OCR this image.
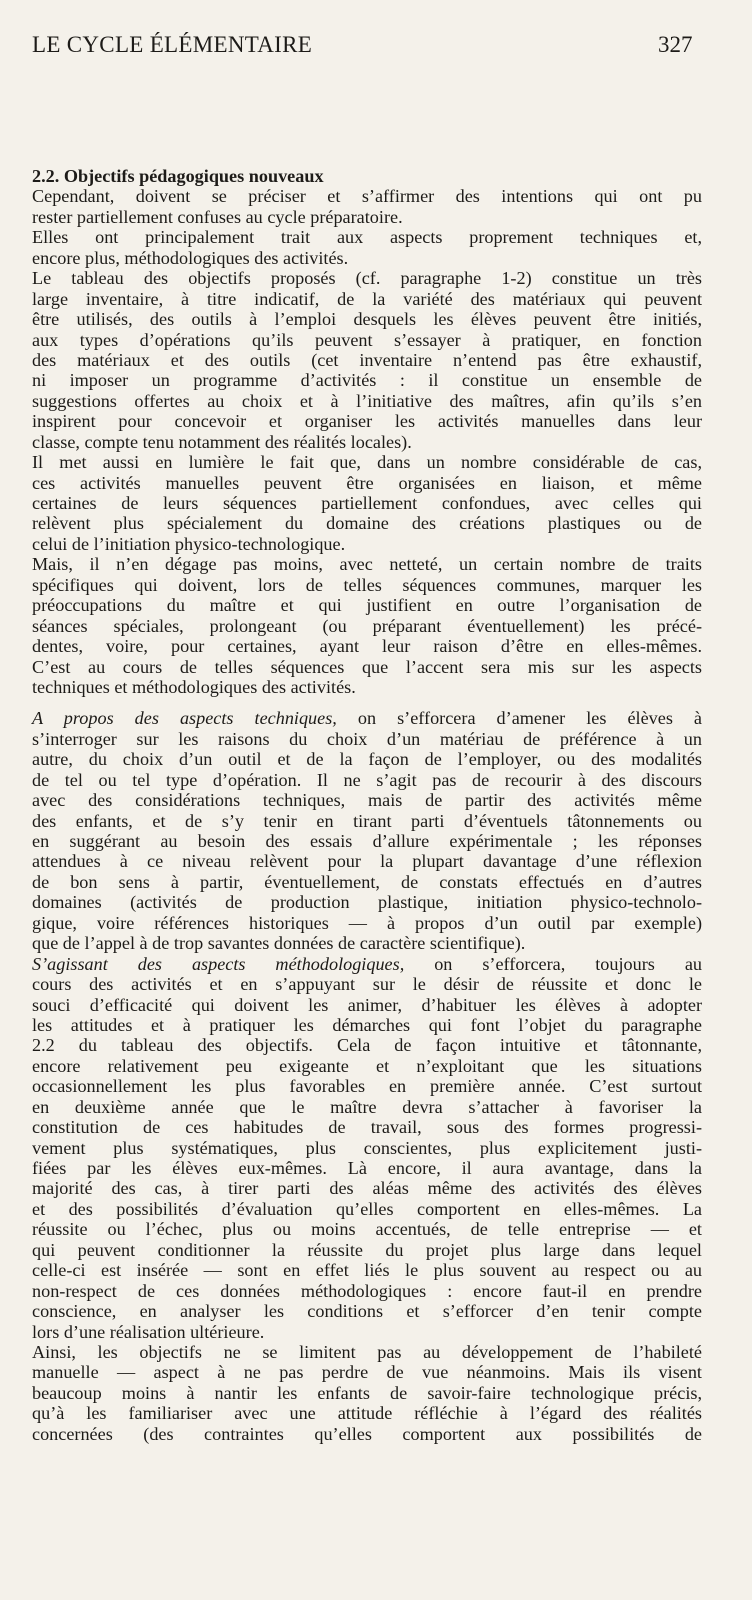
LE CYCLE ÉLÉMENTAIRE	327
2.2. Objectifs pédagogiques nouveaux
Cependant, doivent se préciser et s’affirmer des intentions qui ont pu
rester partiellement confuses au cycle préparatoire.
Elles ont principalement trait aux aspects proprement techniques et,
encore plus, méthodologiques des activités.
Le tableau des objectifs proposés (cf. paragraphe 1-2) constitue un très
large inventaire, à titre indicatif, de la variété des matériaux qui peuvent
être utilisés, des outils à l’emploi desquels les élèves peuvent être initiés,
aux types d’opérations qu’ils peuvent s’essayer à pratiquer, en fonction
des matériaux et des outils (cet inventaire n’entend pas être exhaustif,
ni imposer un programme d’activités : il constitue un ensemble de
suggestions offertes au choix et à l’initiative des maîtres, afin qu’ils s’en
inspirent pour concevoir et organiser les activités manuelles dans leur
classe, compte tenu notamment des réalités locales).
Il met aussi en lumière le fait que, dans un nombre considérable de cas,
ces activités manuelles peuvent être organisées en liaison, et même
certaines de leurs séquences partiellement confondues, avec celles qui
relèvent plus spécialement du domaine des créations plastiques ou de
celui de l’initiation physico-technologique.
Mais, il n’en dégage pas moins, avec netteté, un certain nombre de traits
spécifiques qui doivent, lors de telles séquences communes, marquer les
préoccupations du maître et qui justifient en outre l’organisation de
séances spéciales, prolongeant (ou préparant éventuellement) les précé-
dentes, voire, pour certaines, ayant leur raison d’être en elles-mêmes.
C’est au cours de telles séquences que l’accent sera mis sur les aspects
techniques et méthodologiques des activités.
A propos des aspects techniques, on s’efforcera d’amener les élèves à
s’interroger sur les raisons du choix d’un matériau de préférence à un
autre, du choix d’un outil et de la façon de l’employer, ou des modalités
de tel ou tel type d’opération. Il ne s’agit pas de recourir à des discours
avec des considérations techniques, mais de partir des activités même
des enfants, et de s’y tenir en tirant parti d’éventuels tâtonnements ou
en suggérant au besoin des essais d’allure expérimentale ; les réponses
attendues à ce niveau relèvent pour la plupart davantage d’une réflexion
de bon sens à partir, éventuellement, de constats effectués en d’autres
domaines (activités de production plastique, initiation physico-technolo-
gique, voire références historiques — à propos d’un outil par exemple)
que de l’appel à de trop savantes données de caractère scientifique).
S’agissant des aspects méthodologiques, on s’efforcera, toujours au
cours des activités et en s’appuyant sur le désir de réussite et donc le
souci d’efficacité qui doivent les animer, d’habituer les élèves à adopter
les attitudes et à pratiquer les démarches qui font l’objet du paragraphe
2.2 du tableau des objectifs. Cela de façon intuitive et tâtonnante,
encore relativement peu exigeante et n’exploitant que les situations
occasionnellement les plus favorables en première année. C’est surtout
en deuxième année que le maître devra s’attacher à favoriser la
constitution de ces habitudes de travail, sous des formes progressi-
vement plus systématiques, plus conscientes, plus explicitement justi-
fiées par les élèves eux-mêmes. Là encore, il aura avantage, dans la
majorité des cas, à tirer parti des aléas même des activités des élèves
et des possibilités d’évaluation qu’elles comportent en elles-mêmes. La
réussite ou l’échec, plus ou moins accentués, de telle entreprise — et
qui peuvent conditionner la réussite du projet plus large dans lequel
celle-ci est insérée — sont en effet liés le plus souvent au respect ou au
non-respect de ces données méthodologiques : encore faut-il en prendre
conscience, en analyser les conditions et s’efforcer d’en tenir compte
lors d’une réalisation ultérieure.
Ainsi, les objectifs ne se limitent pas au développement de l’habileté
manuelle — aspect à ne pas perdre de vue néanmoins. Mais ils visent
beaucoup moins à nantir les enfants de savoir-faire technologique précis,
qu’à les familiariser avec une attitude réfléchie à l’égard des réalités
concernées (des contraintes qu’elles comportent aux possibilités de
